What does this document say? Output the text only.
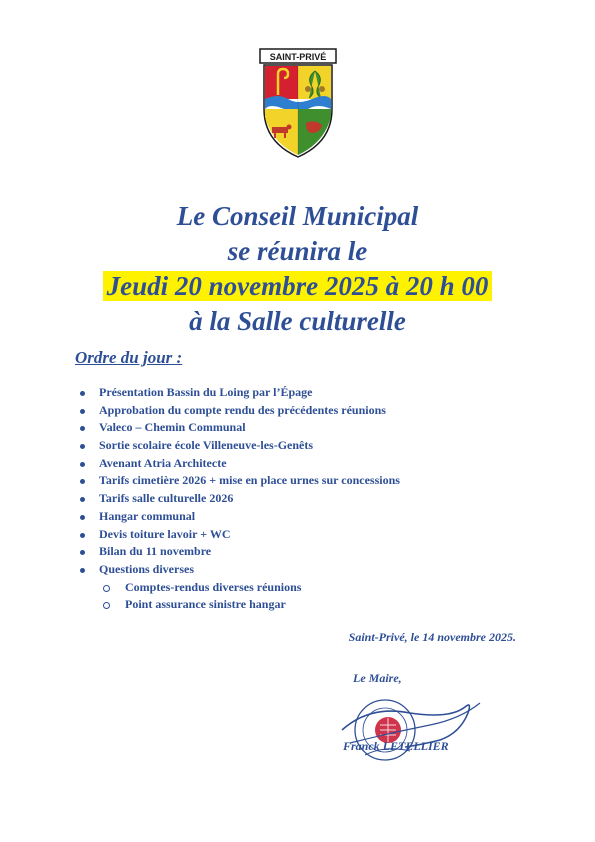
SAINT-PRIVÉ
Le Conseil Municipal
se réunira le
Jeudi 20 novembre 2025 à 20 h 00
à la Salle culturelle
Ordre du jour :
Présentation Bassin du Loing par l’Épage
Approbation du compte rendu des précédentes réunions
Valeco – Chemin Communal
Sortie scolaire école Villeneuve-les-Genêts
Avenant Atria Architecte
Tarifs cimetière 2026 + mise en place urnes sur concessions
Tarifs salle culturelle 2026
Hangar communal
Devis toiture lavoir + WC
Bilan du 11 novembre
Questions diverses
Comptes-rendus diverses réunions
Point assurance sinistre hangar
Saint-Privé, le 14 novembre 2025.
Le Maire,
Franck LETELLIER
